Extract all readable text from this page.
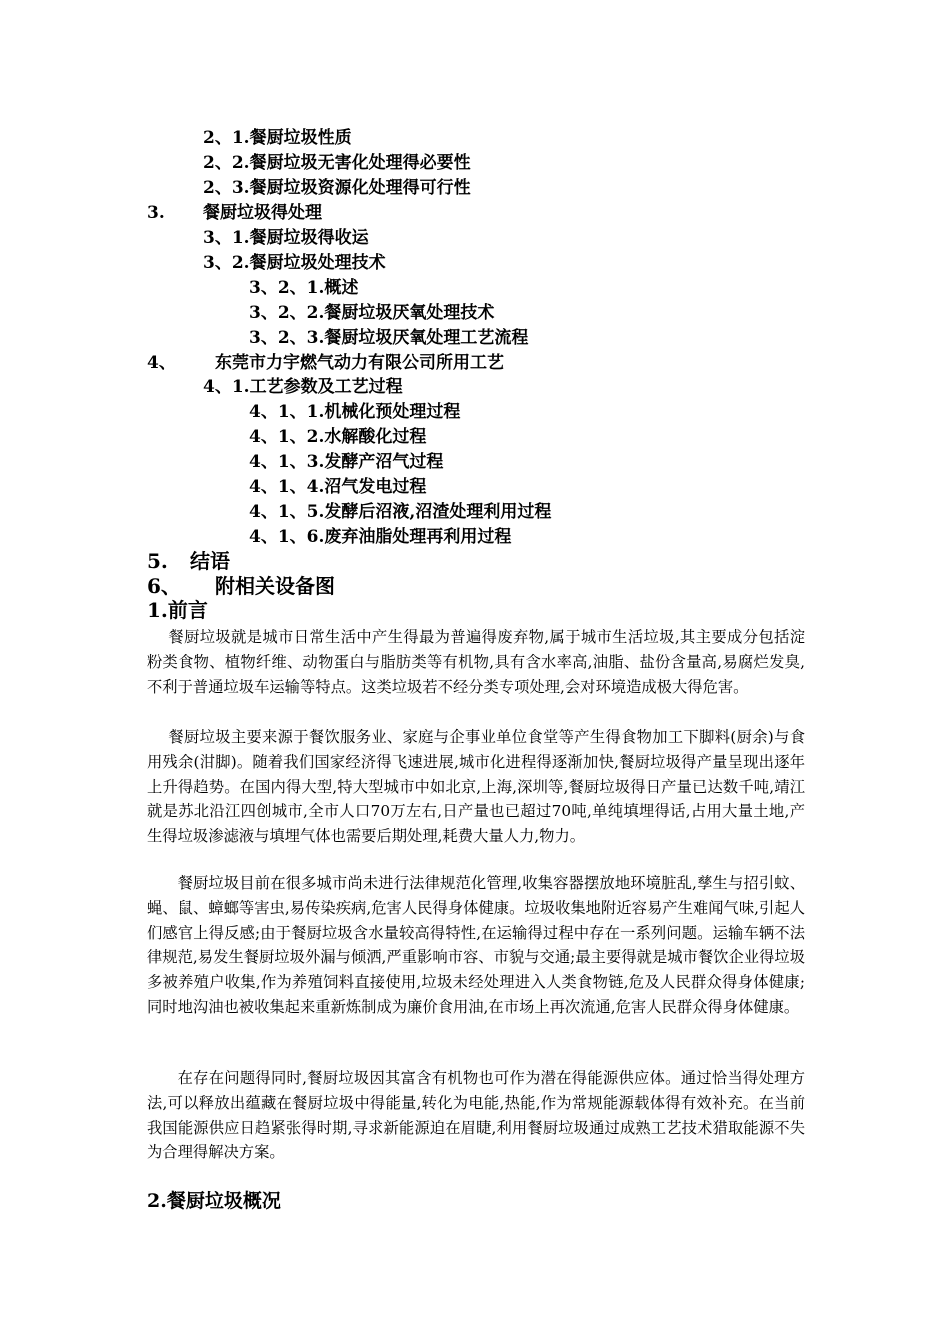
2、1.餐厨垃圾性质
2、2.餐厨垃圾无害化处理得必要性
2、3.餐厨垃圾资源化处理得可行性
3. 餐厨垃圾得处理
3、1.餐厨垃圾得收运
3、2.餐厨垃圾处理技术
3、2、1.概述
3、2、2.餐厨垃圾厌氧处理技术
3、2、3.餐厨垃圾厌氧处理工艺流程
4、 东莞市力宇燃气动力有限公司所用工艺
4、1.工艺参数及工艺过程
4、1、1.机械化预处理过程
4、1、2.水解酸化过程
4、1、3.发酵产沼气过程
4、1、4.沼气发电过程
4、1、5.发酵后沼液,沼渣处理利用过程
4、1、6.废弃油脂处理再利用过程
5. 结语
6、 附相关设备图
1.前言

餐厨垃圾就是城市日常生活中产生得最为普遍得废弃物,属于城市生活垃圾,其主要成分包括淀粉类食物、植物纤维、动物蛋白与脂肪类等有机物,具有含水率高,油脂、盐份含量高,易腐烂发臭,不利于普通垃圾车运输等特点。这类垃圾若不经分类专项处理,会对环境造成极大得危害。

餐厨垃圾主要来源于餐饮服务业、家庭与企事业单位食堂等产生得食物加工下脚料(厨余)与食用残余(泔脚)。随着我们国家经济得飞速进展,城市化进程得逐渐加快,餐厨垃圾得产量呈现出逐年上升得趋势。在国内得大型,特大型城市中如北京,上海,深圳等,餐厨垃圾得日产量已达数千吨,靖江就是苏北沿江四创城市,全市人口70万左右,日产量也已超过70吨,单纯填埋得话,占用大量土地,产生得垃圾渗滤液与填埋气体也需要后期处理,耗费大量人力,物力。

餐厨垃圾目前在很多城市尚未进行法律规范化管理,收集容器摆放地环境脏乱,孳生与招引蚊、蝇、鼠、蟑螂等害虫,易传染疾病,危害人民得身体健康。垃圾收集地附近容易产生难闻气味,引起人们感官上得反感;由于餐厨垃圾含水量较高得特性,在运输得过程中存在一系列问题。运输车辆不法律规范,易发生餐厨垃圾外漏与倾洒,严重影响市容、市貌与交通;最主要得就是城市餐饮企业得垃圾多被养殖户收集,作为养殖饲料直接使用,垃圾未经处理进入人类食物链,危及人民群众得身体健康;同时地沟油也被收集起来重新炼制成为廉价食用油,在市场上再次流通,危害人民群众得身体健康。

在存在问题得同时,餐厨垃圾因其富含有机物也可作为潜在得能源供应体。通过恰当得处理方法,可以释放出蕴藏在餐厨垃圾中得能量,转化为电能,热能,作为常规能源载体得有效补充。在当前我国能源供应日趋紧张得时期,寻求新能源迫在眉睫,利用餐厨垃圾通过成熟工艺技术猎取能源不失为合理得解决方案。

2.餐厨垃圾概况
